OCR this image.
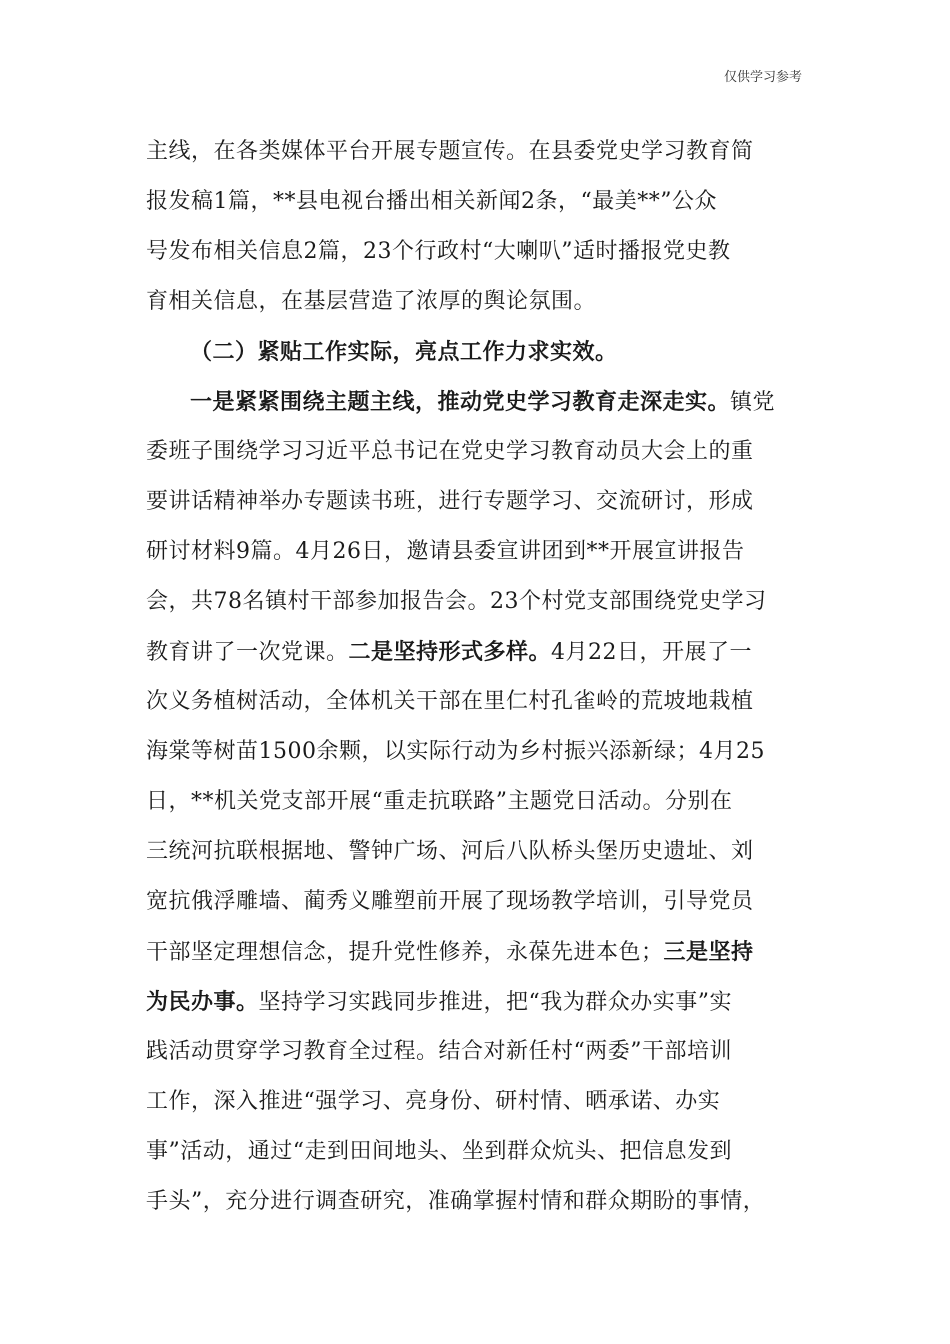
仅供学习参考
主线，在各类媒体平台开展专题宣传。在县委党史学习教育简
报发稿1篇，**县电视台播出相关新闻2条，“最美**”公众
号发布相关信息2篇，23个行政村“大喇叭”适时播报党史教
育相关信息，在基层营造了浓厚的舆论氛围。
（二）紧贴工作实际，亮点工作力求实效。
一是紧紧围绕主题主线，推动党史学习教育走深走实。镇党
委班子围绕学习习近平总书记在党史学习教育动员大会上的重
要讲话精神举办专题读书班，进行专题学习、交流研讨，形成
研讨材料9篇。4月26日，邀请县委宣讲团到**开展宣讲报告
会，共78名镇村干部参加报告会。23个村党支部围绕党史学习
教育讲了一次党课。二是坚持形式多样。4月22日，开展了一
次义务植树活动，全体机关干部在里仁村孔雀岭的荒坡地栽植
海棠等树苗1500余颗，以实际行动为乡村振兴添新绿；4月25
日，**机关党支部开展“重走抗联路”主题党日活动。分别在
三统河抗联根据地、警钟广场、河后八队桥头堡历史遗址、刘
宽抗俄浮雕墙、蔺秀义雕塑前开展了现场教学培训，引导党员
干部坚定理想信念，提升党性修养，永葆先进本色；三是坚持
为民办事。坚持学习实践同步推进，把“我为群众办实事”实
践活动贯穿学习教育全过程。结合对新任村“两委”干部培训
工作，深入推进“强学习、亮身份、研村情、晒承诺、办实
事”活动，通过“走到田间地头、坐到群众炕头、把信息发到
手头”，充分进行调查研究，准确掌握村情和群众期盼的事情，
